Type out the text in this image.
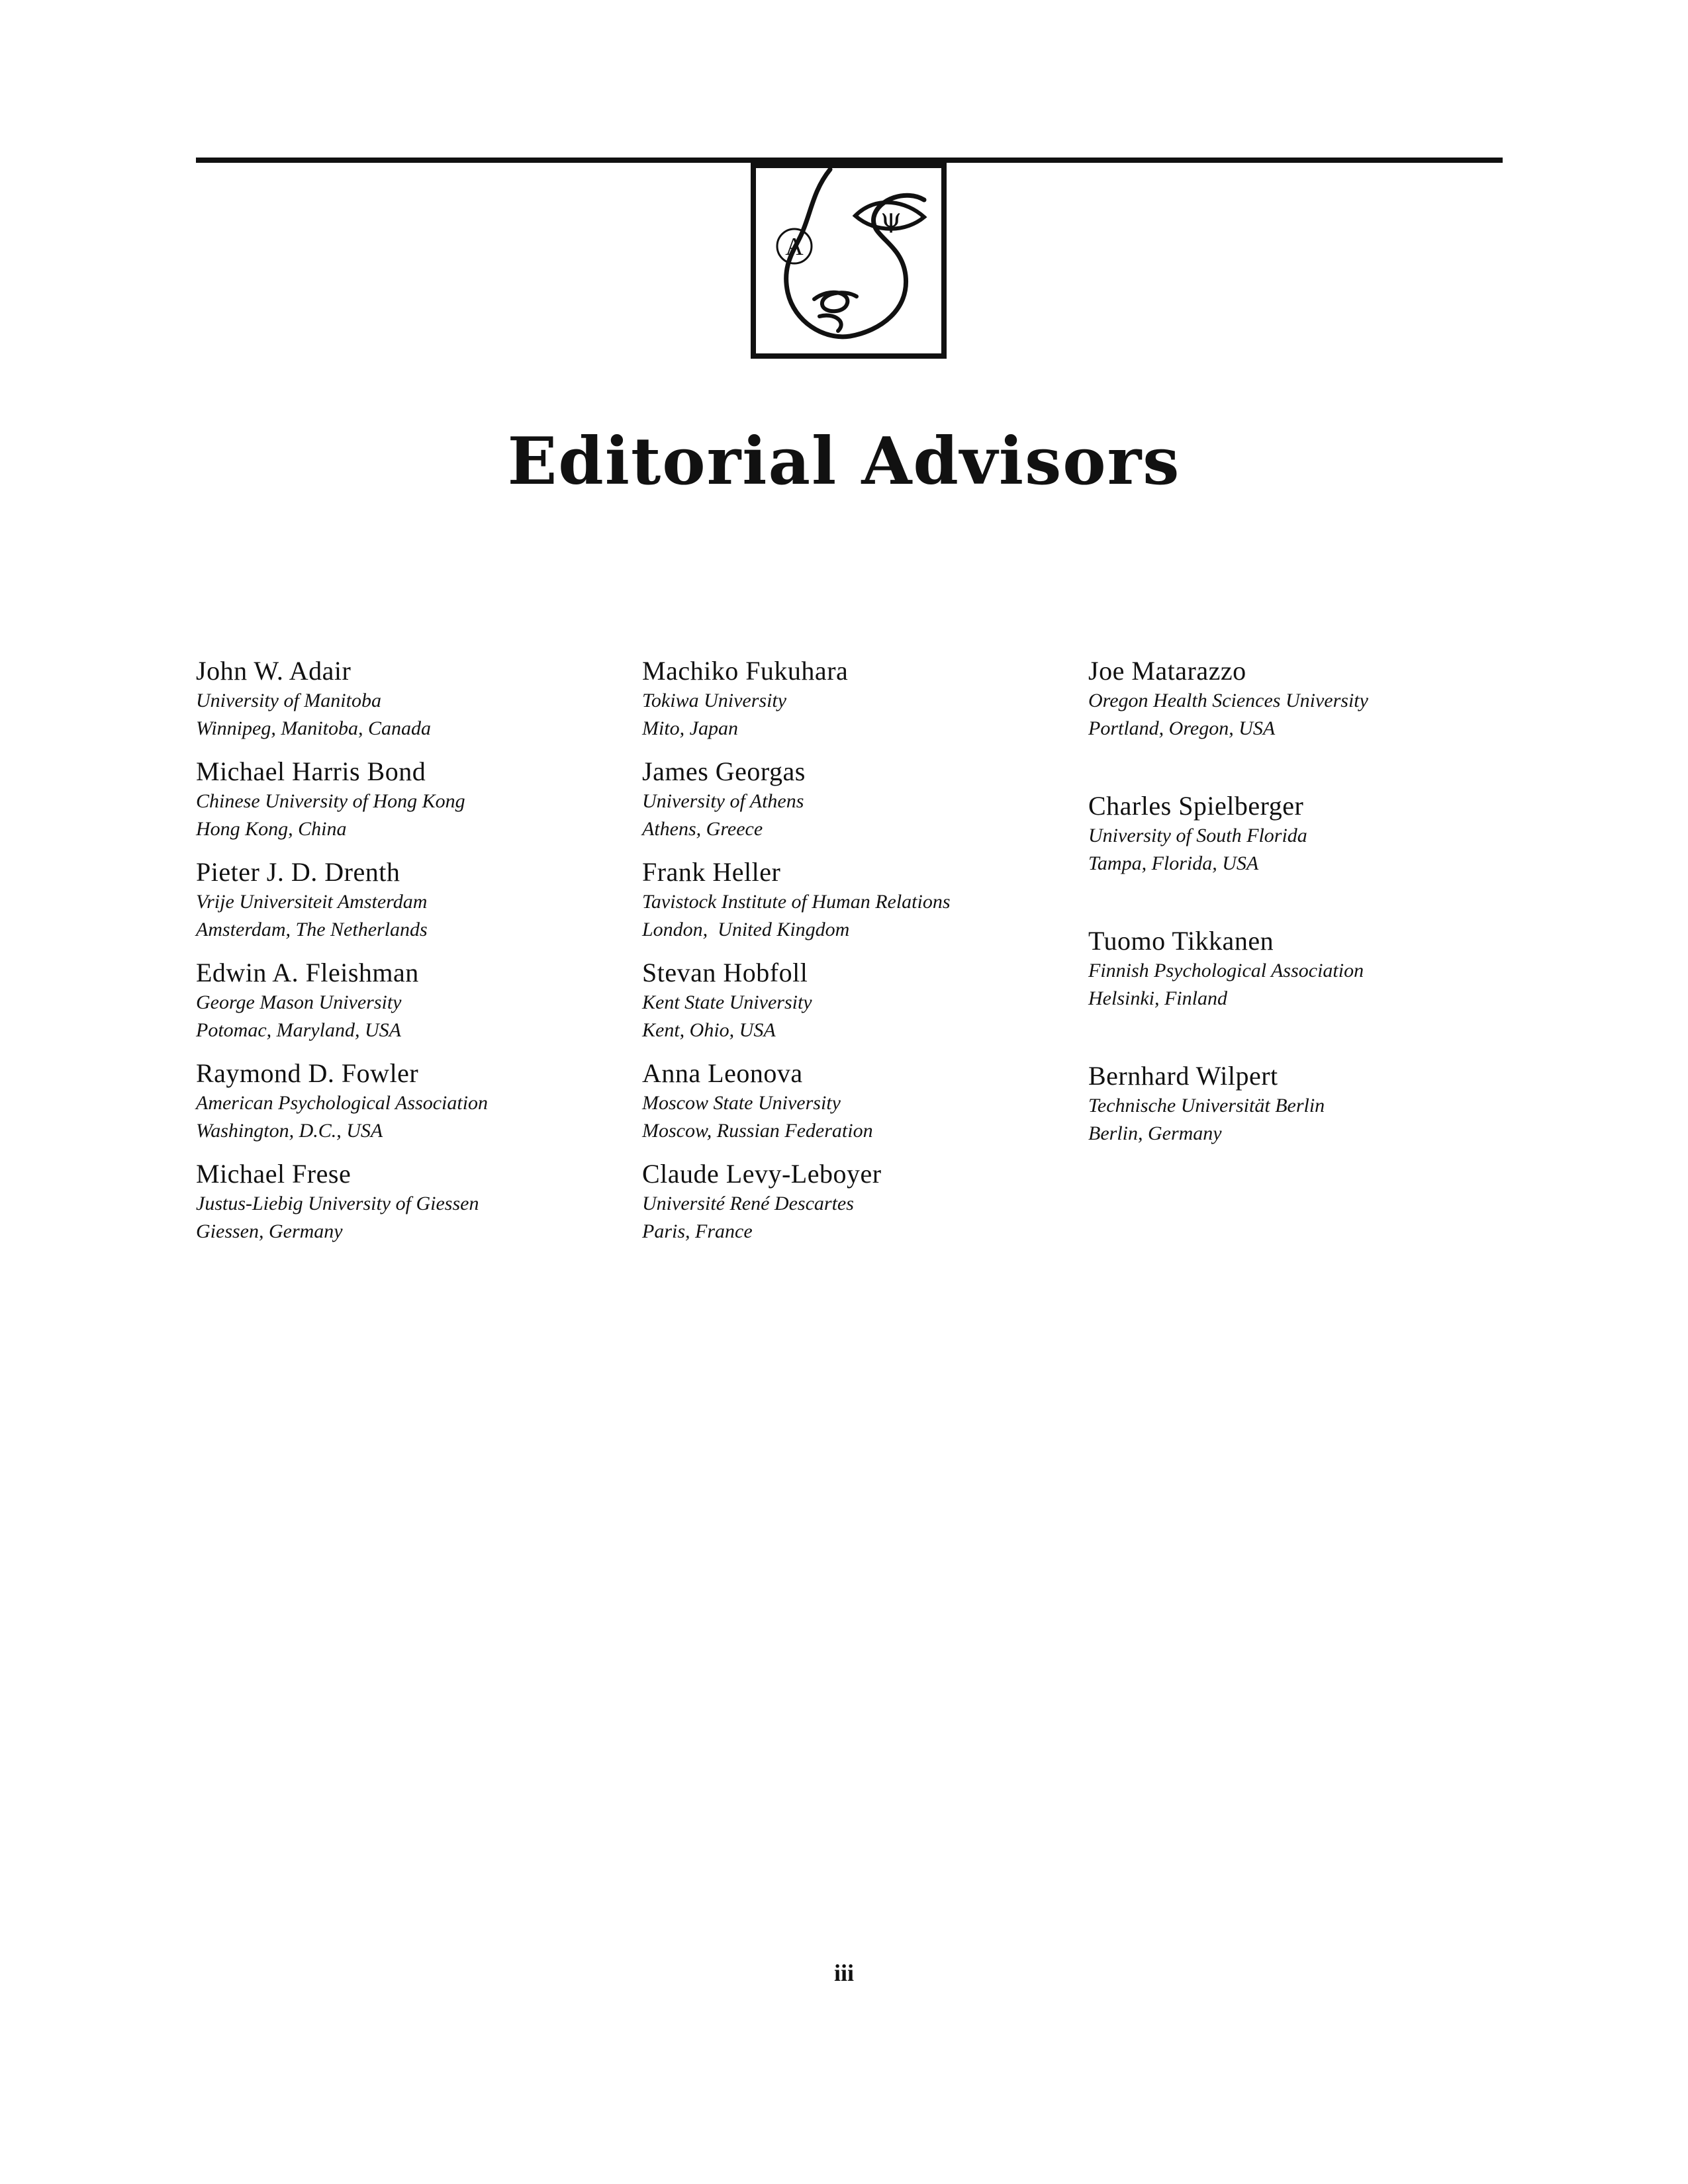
A
ψ
Editorial Advisors
John W. Adair
University of Manitoba
Winnipeg, Manitoba, Canada
Michael Harris Bond
Chinese University of Hong Kong
Hong Kong, China
Pieter J. D. Drenth
Vrije Universiteit Amsterdam
Amsterdam, The Netherlands
Edwin A. Fleishman
George Mason University
Potomac, Maryland, USA
Raymond D. Fowler
American Psychological Association
Washington, D.C., USA
Michael Frese
Justus-Liebig University of Giessen
Giessen, Germany
Machiko Fukuhara
Tokiwa University
Mito, Japan
James Georgas
University of Athens
Athens, Greece
Frank Heller
Tavistock Institute of Human Relations
London,  United Kingdom
Stevan Hobfoll
Kent State University
Kent, Ohio, USA
Anna Leonova
Moscow State University
Moscow, Russian Federation
Claude Levy-Leboyer
Université René Descartes
Paris, France
Joe Matarazzo
Oregon Health Sciences University
Portland, Oregon, USA
Charles Spielberger
University of South Florida
Tampa, Florida, USA
Tuomo Tikkanen
Finnish Psychological Association
Helsinki, Finland
Bernhard Wilpert
Technische Universität Berlin
Berlin, Germany
iii
